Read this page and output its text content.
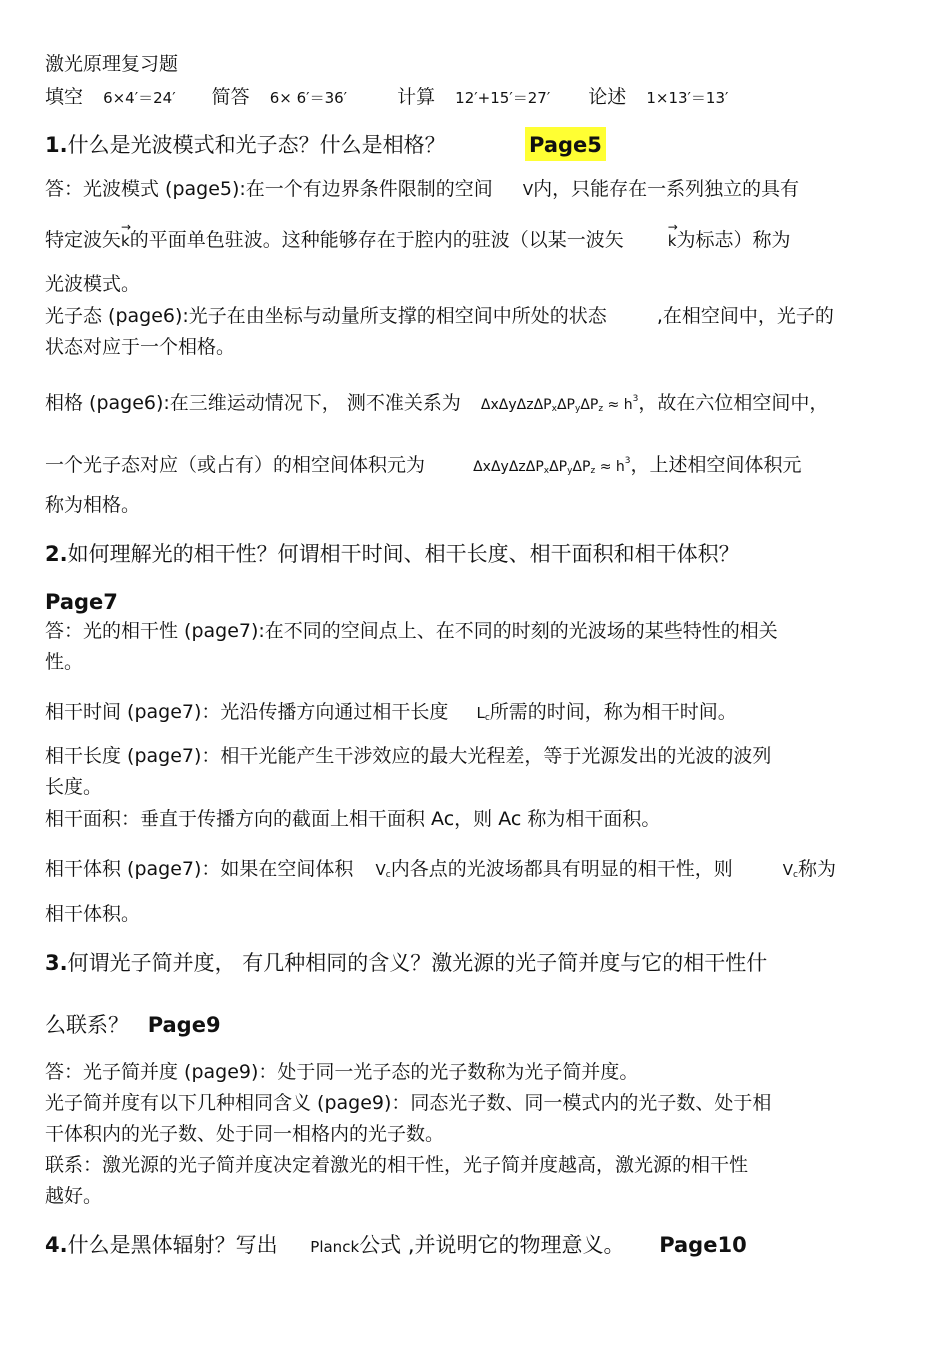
激光原理复习题
填空 6×4′＝24′ 简答 6× 6′＝36′	计算 12′+15′＝27′ 论述 1×13′＝13′
1.什么是光波模式和光子态？什么是相格？	Page5
答：光波模式 (page5):在一个有边界条件限制的空间 V内，只能存在一系列独立的具有
特定波矢→ k的平面单色驻波。这种能够存在于腔内的驻波（以某一波矢 →	k为标志）称为
光波模式。
光子态 (page6):光子在由坐标与动量所支撑的相空间中所处的状态	,在相空间中，光子的
状态对应于一个相格。
相格 (page6):在三维运动情况下， 测不准关系为 $\Delta x\Delta y\Delta z\Delta P_x\Delta P_y\Delta P_z \approx h^3$，故在六位相空间中，
一个光子态对应（或占有）的相空间体积元为	$\Delta x\Delta y\Delta z\Delta P_x\Delta P_y\Delta P_z \approx h^3$，上述相空间体积元
称为相格。
2.如何理解光的相干性？何谓相干时间、相干长度、相干面积和相干体积？
Page7
答：光的相干性 (page7):在不同的空间点上、在不同的时刻的光波场的某些特性的相关
性。
相干时间 (page7)：光沿传播方向通过相干长度 $L_c$所需的时间，称为相干时间。
相干长度 (page7)：相干光能产生干涉效应的最大光程差，等于光源发出的光波的波列
长度。
相干面积：垂直于传播方向的截面上相干面积 Ac，则 Ac 称为相干面积。
相干体积 (page7)：如果在空间体积 $V_c$内各点的光波场都具有明显的相干性，则	$V_c$称为
相干体积。
3.何谓光子简并度， 有几种相同的含义？激光源的光子简并度与它的相干性什
么联系？ Page9
答：光子简并度 (page9)：处于同一光子态的光子数称为光子简并度。
光子简并度有以下几种相同含义 (page9)：同态光子数、同一模式内的光子数、处于相
干体积内的光子数、处于同一相格内的光子数。
联系：激光源的光子简并度决定着激光的相干性，光子简并度越高，激光源的相干性
越好。
4.什么是黑体辐射？写出 Planck公式 ,并说明它的物理意义。 Page10
